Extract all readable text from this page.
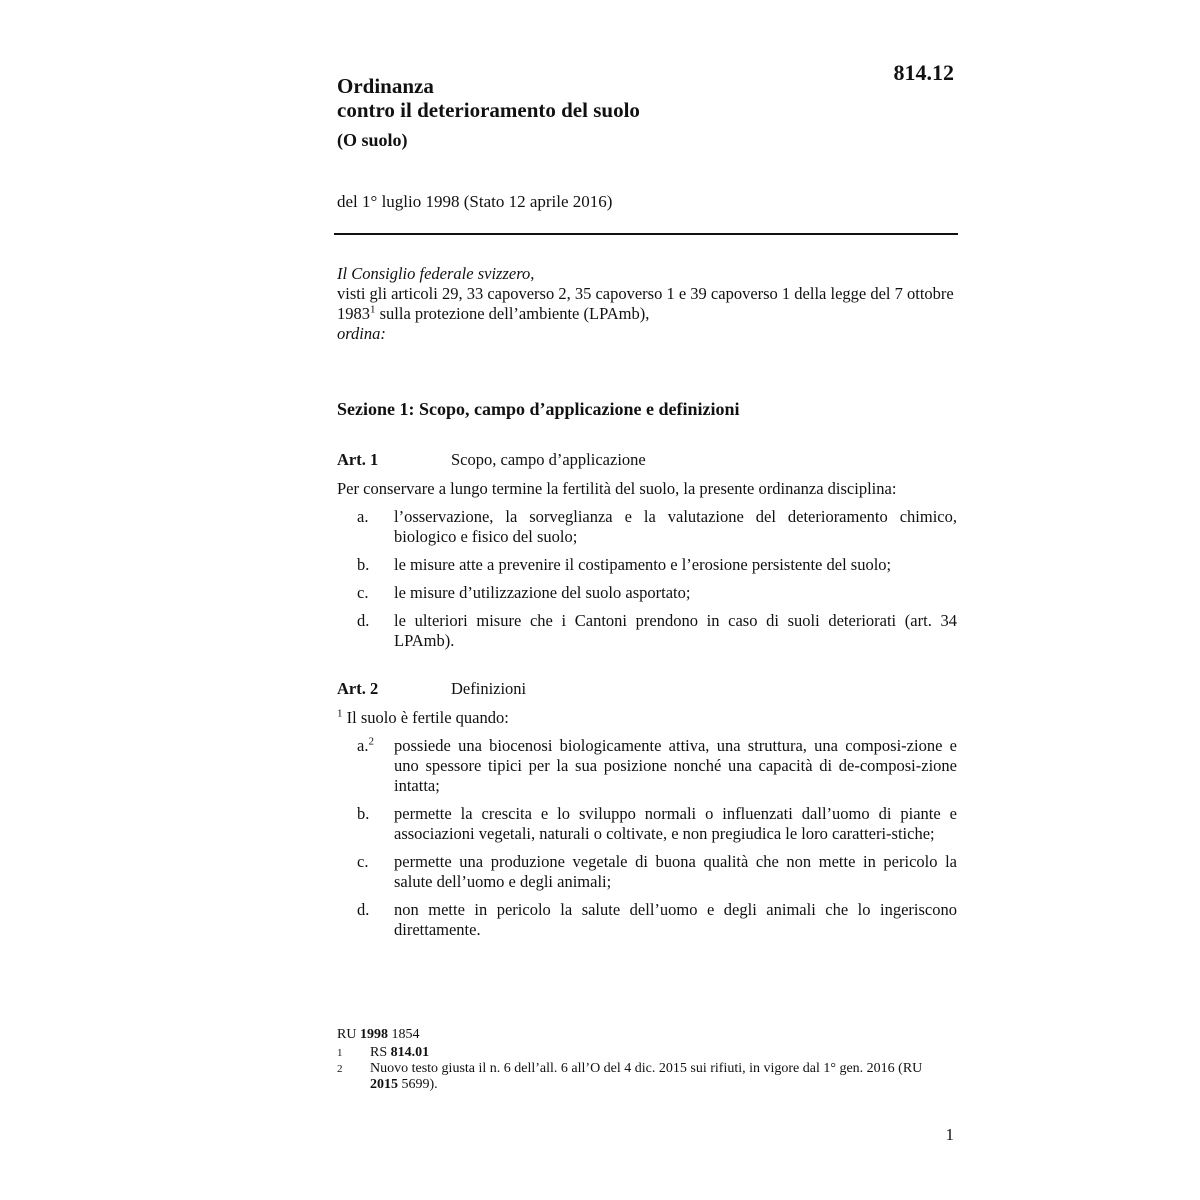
Ordinanza
contro il deterioramento del suolo
(O suolo)
814.12
del 1° luglio 1998 (Stato 12 aprile 2016)
Il Consiglio federale svizzero,
visti gli articoli 29, 33 capoverso 2, 35 capoverso 1 e 39 capoverso 1 della legge del 7 ottobre 1983$^1$ sulla protezione dell’ambiente (LPAmb),
ordina:
Sezione 1: Scopo, campo d’applicazione e definizioni
Art. 1	Scopo, campo d’applicazione
Per conservare a lungo termine la fertilità del suolo, la presente ordinanza disciplina:
a.	l’osservazione, la sorveglianza e la valutazione del deterioramento chimico, biologico e fisico del suolo;
b.	le misure atte a prevenire il costipamento e l’erosione persistente del suolo;
c.	le misure d’utilizzazione del suolo asportato;
d.	le ulteriori misure che i Cantoni prendono in caso di suoli deteriorati (art. 34 LPAmb).
Art. 2	Definizioni
$^1$ Il suolo è fertile quando:
a.$^2$	possiede una biocenosi biologicamente attiva, una struttura, una composi-zione e uno spessore tipici per la sua posizione nonché una capacità di de-composi-zione intatta;
b.	permette la crescita e lo sviluppo normali o influenzati dall’uomo di piante e associazioni vegetali, naturali o coltivate, e non pregiudica le loro caratteri-stiche;
c.	permette una produzione vegetale di buona qualità che non mette in pericolo la salute dell’uomo e degli animali;
d.	non mette in pericolo la salute dell’uomo e degli animali che lo ingeriscono direttamente.
RU 1998 1854
1	RS 814.01
2	Nuovo testo giusta il n. 6 dell’all. 6 all’O del 4 dic. 2015 sui rifiuti, in vigore dal 1° gen. 2016 (RU 2015 5699).
1
